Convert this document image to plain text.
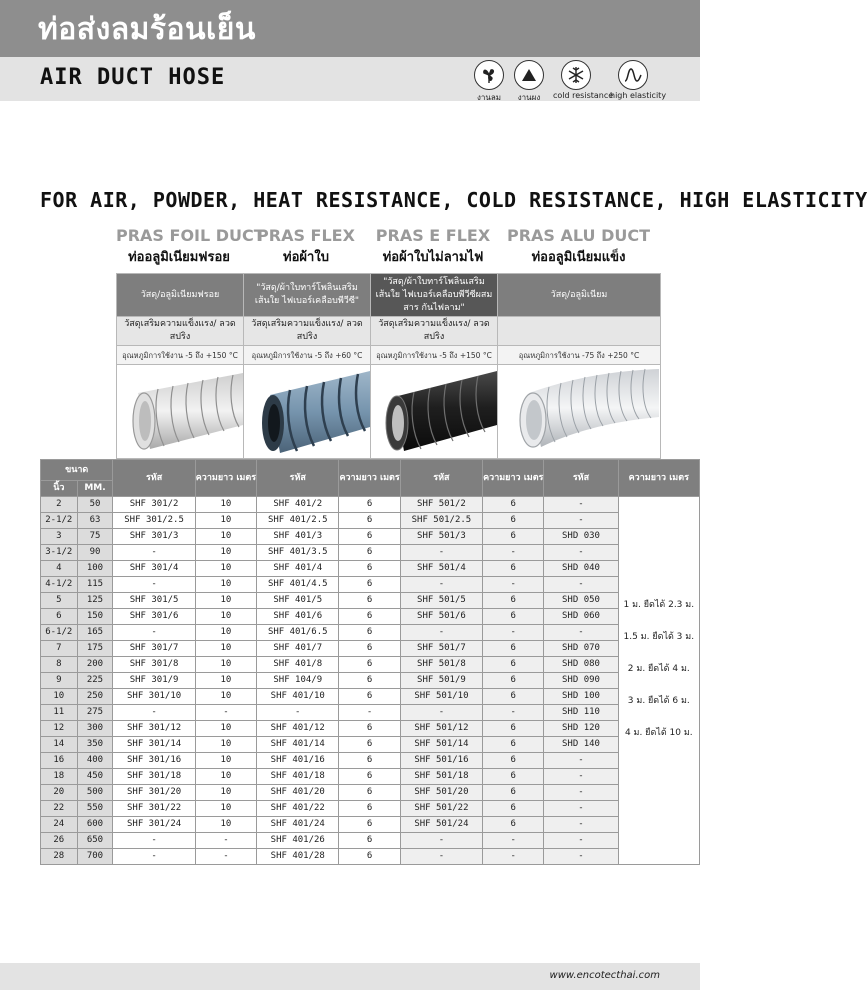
ท่อส่งลมร้อนเย็น
AIR DUCT HOSE
งานลม	งานผง	cold resistance
high elasticity
FOR AIR, POWDER, HEAT RESISTANCE, COLD RESISTANCE, HIGH ELASTICITY
PRAS FOIL DUCT
ท่ออลูมิเนียมฟรอย
PRAS FLEX
ท่อผ้าใบ
PRAS E FLEX
ท่อผ้าใบไม่ลามไฟ
PRAS ALU DUCT
ท่ออลูมิเนียมแข็ง
วัสดุ/อลูมิเนียมฟรอย	"วัสดุ/ผ้าใบทาร์โพลินเสริมเส้นใย ไฟเบอร์เคลือบพีวีซี"	"วัสดุ/ผ้าใบทาร์โพลินเสริมเส้นใย ไฟเบอร์เคลือบพีวีซีผสมสาร กันไฟลาม"	วัสดุ/อลูมิเนียม
วัสดุเสริมความแข็งแรง/ ลวดสปริง	วัสดุเสริมความแข็งแรง/ ลวดสปริง	วัสดุเสริมความแข็งแรง/ ลวดสปริง	
อุณหภูมิการใช้งาน -5 ถึง +150 °C	อุณหภูมิการใช้งาน -5 ถึง +60 °C	อุณหภูมิการใช้งาน -5 ถึง +150 °C	อุณหภูมิการใช้งาน -75 ถึง +250 °C

ขนาด		รหัส	ความยาว เมตร	รหัส	ความยาว เมตร	รหัส	ความยาว เมตร	รหัส	ความยาว เมตร
นิ้ว	MM.								
2	50	SHF 301/2	10	SHF 401/2	6	SHF 501/2	6	-	1 ม. ยืดได้ 2.3 ม.
1.5 ม. ยืดได้ 3 ม.
2 ม. ยืดได้ 4 ม.
3 ม. ยืดได้ 6 ม.
4 ม. ยืดได้ 10 ม.

2-1/2	63	SHF 301/2.5	10	SHF 401/2.5	6	SHF 501/2.5	6	-	
3	75	SHF 301/3	10	SHF 401/3	6	SHF 501/3	6	SHD 030	
3-1/2	90	-	10	SHF 401/3.5	6	-	-	-	
4	100	SHF 301/4	10	SHF 401/4	6	SHF 501/4	6	SHD 040	
4-1/2	115	-	10	SHF 401/4.5	6	-	-	-	
5	125	SHF 301/5	10	SHF 401/5	6	SHF 501/5	6	SHD 050	
6	150	SHF 301/6	10	SHF 401/6	6	SHF 501/6	6	SHD 060	
6-1/2	165	-	10	SHF 401/6.5	6	-	-	-	
7	175	SHF 301/7	10	SHF 401/7	6	SHF 501/7	6	SHD 070	
8	200	SHF 301/8	10	SHF 401/8	6	SHF 501/8	6	SHD 080	
9	225	SHF 301/9	10	SHF 104/9	6	SHF 501/9	6	SHD 090	
10	250	SHF 301/10	10	SHF 401/10	6	SHF 501/10	6	SHD 100	
11	275	-	-	-	-	-	-	SHD 110	
12	300	SHF 301/12	10	SHF 401/12	6	SHF 501/12	6	SHD 120	
14	350	SHF 301/14	10	SHF 401/14	6	SHF 501/14	6	SHD 140	
16	400	SHF 301/16	10	SHF 401/16	6	SHF 501/16	6	-	
18	450	SHF 301/18	10	SHF 401/18	6	SHF 501/18	6	-	
20	500	SHF 301/20	10	SHF 401/20	6	SHF 501/20	6	-	
22	550	SHF 301/22	10	SHF 401/22	6	SHF 501/22	6	-	
24	600	SHF 301/24	10	SHF 401/24	6	SHF 501/24	6	-	
26	650	-	-	SHF 401/26	6	-	-	-	
28	700	-	-	SHF 401/28	6	-	-	-	
www.encotecthai.com
